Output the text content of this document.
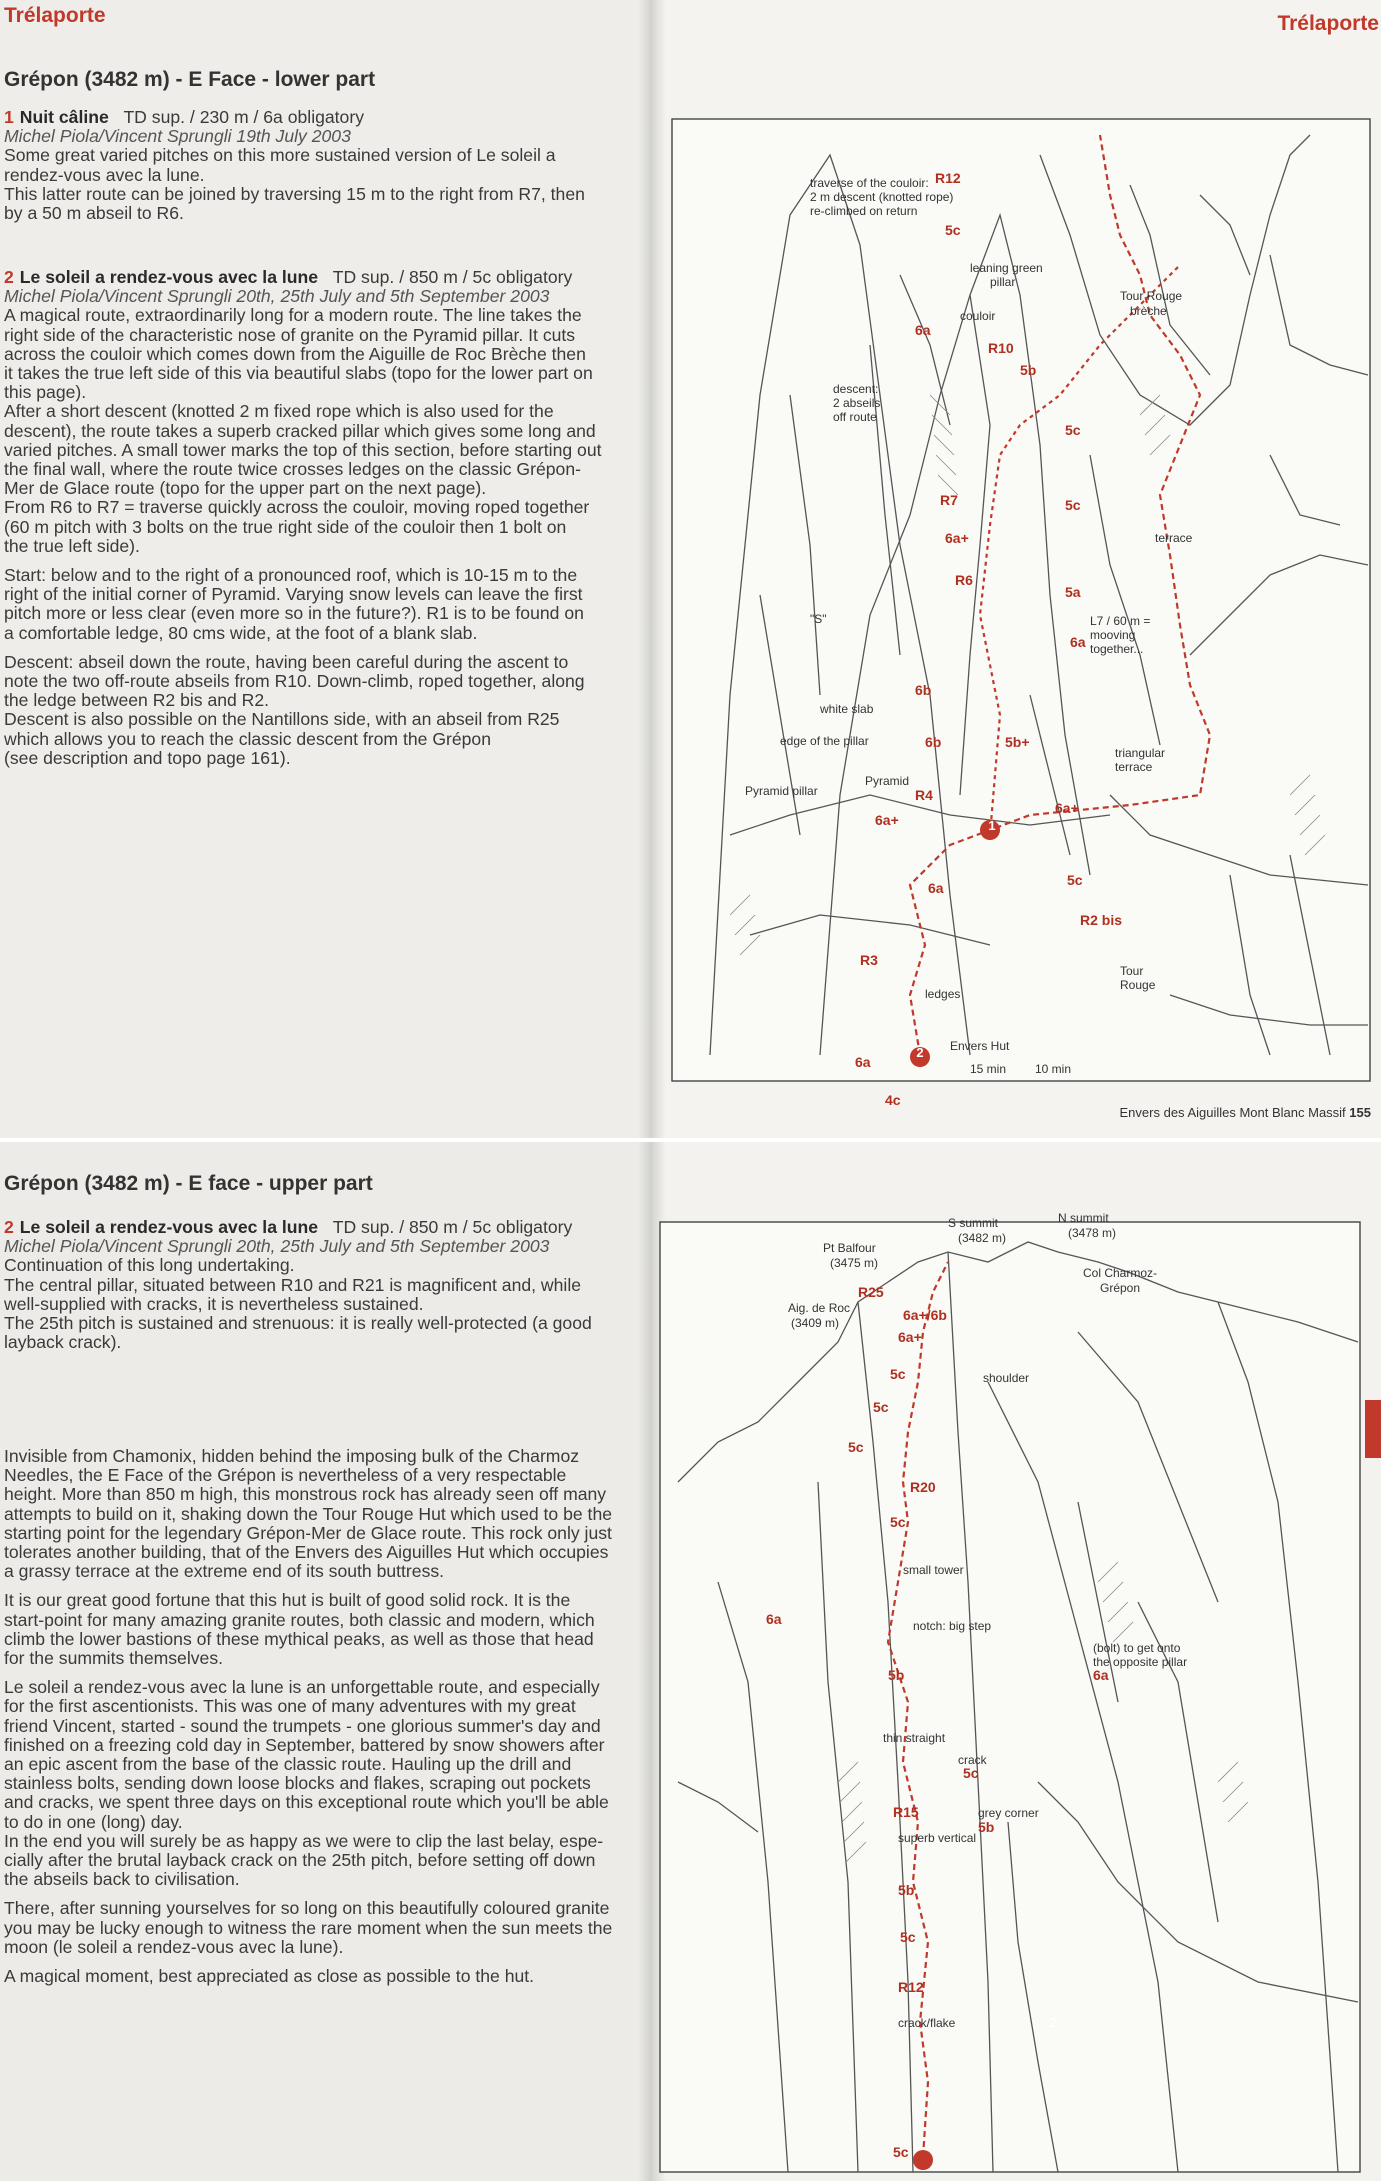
Trélaporte
Grépon (3482 m) - E Face - lower part

1 Nuit câline TD sup. / 230 m / 6a obligatory

Michel Piola/Vincent Sprungli 19th July 2003

Some great varied pitches on this more sustained version of Le soleil a

rendez-vous avec la lune.

This latter route can be joined by traversing 15 m to the right from R7, then

by a 50 m abseil to R6.

2 Le soleil a rendez-vous avec la lune TD sup. / 850 m / 5c obligatory

Michel Piola/Vincent Sprungli 20th, 25th July and 5th September 2003

A magical route, extraordinarily long for a modern route. The line takes the

right side of the characteristic nose of granite on the Pyramid pillar. It cuts

across the couloir which comes down from the Aiguille de Roc Brèche then

it takes the true left side of this via beautiful slabs (topo for the lower part on

this page).

After a short descent (knotted 2 m fixed rope which is also used for the

descent), the route takes a superb cracked pillar which gives some long and

varied pitches. A small tower marks the top of this section, before starting out

the final wall, where the route twice crosses ledges on the classic Grépon-

Mer de Glace route (topo for the upper part on the next page).

From R6 to R7 = traverse quickly across the couloir, moving roped together

(60 m pitch with 3 bolts on the true right side of the couloir then 1 bolt on

the true left side).

Start: below and to the right of a pronounced roof, which is 10-15 m to the

right of the initial corner of Pyramid. Varying snow levels can leave the first

pitch more or less clear (even more so in the future?). R1 is to be found on

a comfortable ledge, 80 cms wide, at the foot of a blank slab.

Descent: abseil down the route, having been careful during the ascent to

note the two off-route abseils from R10. Down-climb, roped together, along

the ledge between R2 bis and R2.

Descent is also possible on the Nantillons side, with an abseil from R25

which allows you to reach the classic descent from the Grépon

(see description and topo page 161).

Trélaporte
traverse of the couloir:
2 m descent (knotted rope)
re-climbed on return
R12
5c
leaning green
pillar
Tour Rouge
brèche
couloir
6a
R10
5b
descent:
2 abseils
off route
5c
R7	5c
terrace
6a+
R6
5a
L7 / 60 m =
mooving
together...
"S"
6a
6b
white slab
edge of the pillar	6b	5b+
triangular
terrace
R4
Pyramid
Pyramid pillar
6a+
6a+
5c
6a
1
R2 bis
R3
ledges
Tour
Rouge
6a
4c
2 Envers Hut
15 min 10 min
Envers des Aiguilles Mont Blanc Massif 155
Grépon (3482 m) - E face - upper part

2 Le soleil a rendez-vous avec la lune TD sup. / 850 m / 5c obligatory

Michel Piola/Vincent Sprungli 20th, 25th July and 5th September 2003

Continuation of this long undertaking.

The central pillar, situated between R10 and R21 is magnificent and, while

well-supplied with cracks, it is nevertheless sustained.

The 25th pitch is sustained and strenuous: it is really well-protected (a good

layback crack).

Invisible from Chamonix, hidden behind the imposing bulk of the Charmoz

Needles, the E Face of the Grépon is nevertheless of a very respectable

height. More than 850 m high, this monstrous rock has already seen off many

attempts to build on it, shaking down the Tour Rouge Hut which used to be the

starting point for the legendary Grépon-Mer de Glace route. This rock only just

tolerates another building, that of the Envers des Aiguilles Hut which occupies

a grassy terrace at the extreme end of its south buttress.

It is our great good fortune that this hut is built of good solid rock. It is the

start-point for many amazing granite routes, both classic and modern, which

climb the lower bastions of these mythical peaks, as well as those that head

for the summits themselves.

Le soleil a rendez-vous avec la lune is an unforgettable route, and especially

for the first ascentionists. This was one of many adventures with my great

friend Vincent, started - sound the trumpets - one glorious summer's day and

finished on a freezing cold day in September, battered by snow showers after

an epic ascent from the base of the classic route. Hauling up the drill and

stainless bolts, sending down loose blocks and flakes, scraping out pockets

and cracks, we spent three days on this exceptional route which you'll be able

to do in one (long) day.

In the end you will surely be as happy as we were to clip the last belay, espe-

cially after the brutal layback crack on the 25th pitch, before setting off down

the abseils back to civilisation.

There, after sunning yourselves for so long on this beautifully coloured granite

you may be lucky enough to witness the rare moment when the sun meets the

moon (le soleil a rendez-vous avec la lune).

A magical moment, best appreciated as close as possible to the hut.

S summit
(3482 m)
N summit
(3478 m)
Pt Balfour
(3475 m)
Col Charmoz-
Grépon
Aig. de Roc
(3409 m)
R25
6a+/6b
6a+
5c	shoulder
5c
5c
R20
5c
small tower
6a	notch: big step
(bolt) to get onto
the opposite pillar
6a
5b
thin straight
crack
5c
R15
superb vertical
grey corner
5b
5b
5c
R12
crack/flake	2
5c
